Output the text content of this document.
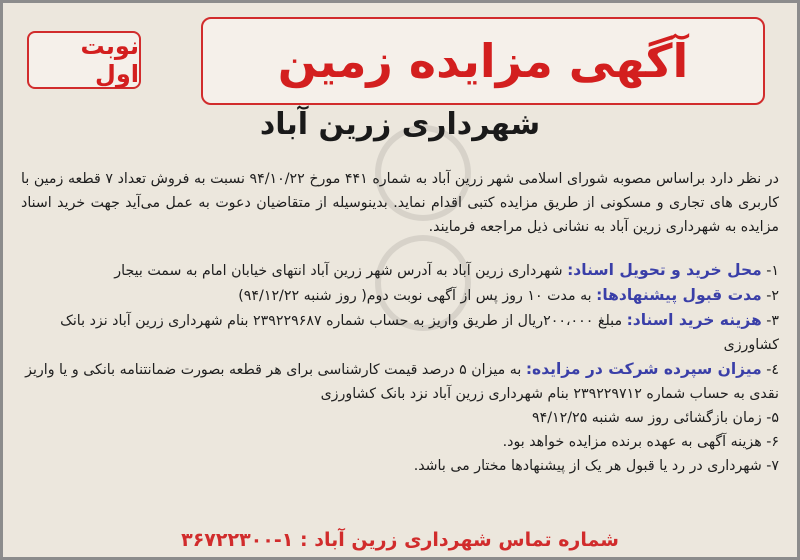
نوبت اول	آگهی مزایده زمین
شهرداری زرین آباد

در نظر دارد براساس مصوبه شورای اسلامی شهر زرین آباد به شماره ۴۴۱ مورخ ۹۴/۱۰/۲۲ نسبت به فروش تعداد ۷ قطعه زمین با کاربری های تجاری و مسکونی از طریق مزایده کتبی اقدام نماید. بدینوسیله از متقاضیان دعوت به عمل می‌آید جهت خرید اسناد مزایده به شهرداری زرین آباد به نشانی ذیل مراجعه فرمایند.

۱- محل خرید و تحویل اسناد: شهرداری زرین آباد به آدرس شهر زرین آباد انتهای خیابان امام به سمت بیجار

۲- مدت قبول پیشنهادها: به مدت ۱۰ روز پس از آگهی نوبت دوم( روز شنبه ۹۴/۱۲/۲۲)

۳- هزینه خرید اسناد: مبلغ ۲۰۰،۰۰۰ریال از طریق واریز به حساب شماره ۲۳۹۲۲۹۶۸۷ بنام شهرداری زرین آباد نزد بانک کشاورزی

٤- میزان سپرده شرکت در مزایده: به میزان ۵ درصد قیمت کارشناسی برای هر قطعه بصورت ضمانتنامه بانکی و یا واریز نقدی به حساب شماره ۲۳۹۲۲۹۷۱۲ بنام شهرداری زرین آباد نزد بانک کشاورزی

۵- زمان بازگشائی روز سه شنبه ۹۴/۱۲/۲۵

۶- هزینه آگهی به عهده برنده مزایده خواهد بود.

۷- شهرداری در رد یا قبول هر یک از پیشنهادها مختار می باشد.

شماره تماس شهرداری زرین آباد : ۱-۳۶۷۲۲۳۰۰
